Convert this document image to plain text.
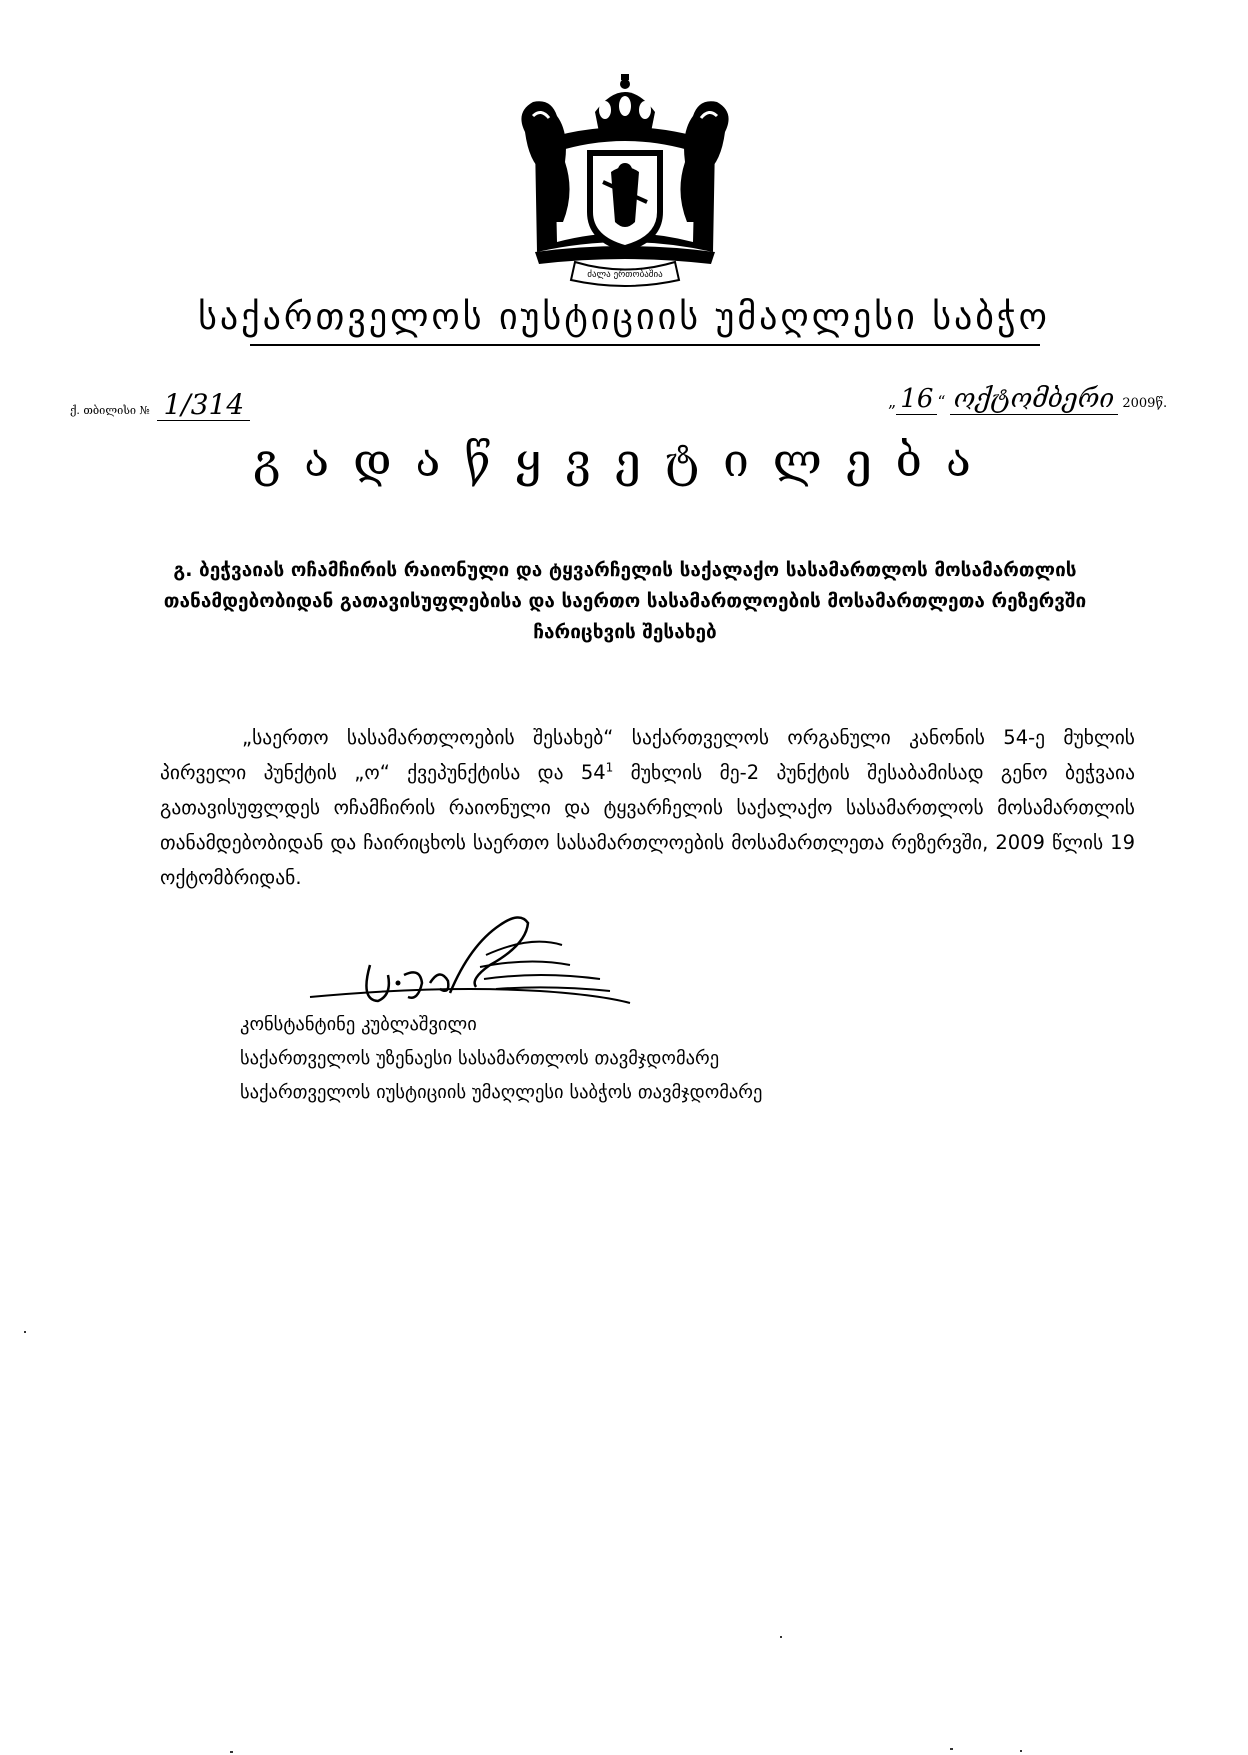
ძალა ერთობაშია
საქართველოს იუსტიციის უმაღლესი საბჭო
ქ. თბილისი № 1/314	„ 16 “ ოქტომბერი 2009წ.
გადაწყვეტილება
გ. ბეჭვაიას ოჩამჩირის რაიონული და ტყვარჩელის საქალაქო სასამართლოს მოსამართლის თანამდებობიდან გათავისუფლებისა და საერთო სასამართლოების მოსამართლეთა რეზერვში ჩარიცხვის შესახებ
„საერთო სასამართლოების შესახებ“ საქართველოს ორგანული კანონის 54-ე მუხლის პირველი პუნქტის „ო“ ქვეპუნქტისა და $54^1$ მუხლის მე-2 პუნქტის შესაბამისად გენო ბეჭვაია გათავისუფლდეს ოჩამჩირის რაიონული და ტყვარჩელის საქალაქო სასამართლოს მოსამართლის თანამდებობიდან და ჩაირიცხოს საერთო სასამართლოების მოსამართლეთა რეზერვში, 2009 წლის 19 ოქტომბრიდან.
კონსტანტინე კუბლაშვილი
საქართველოს უზენაესი სასამართლოს თავმჯდომარე
საქართველოს იუსტიციის უმაღლესი საბჭოს თავმჯდომარე
